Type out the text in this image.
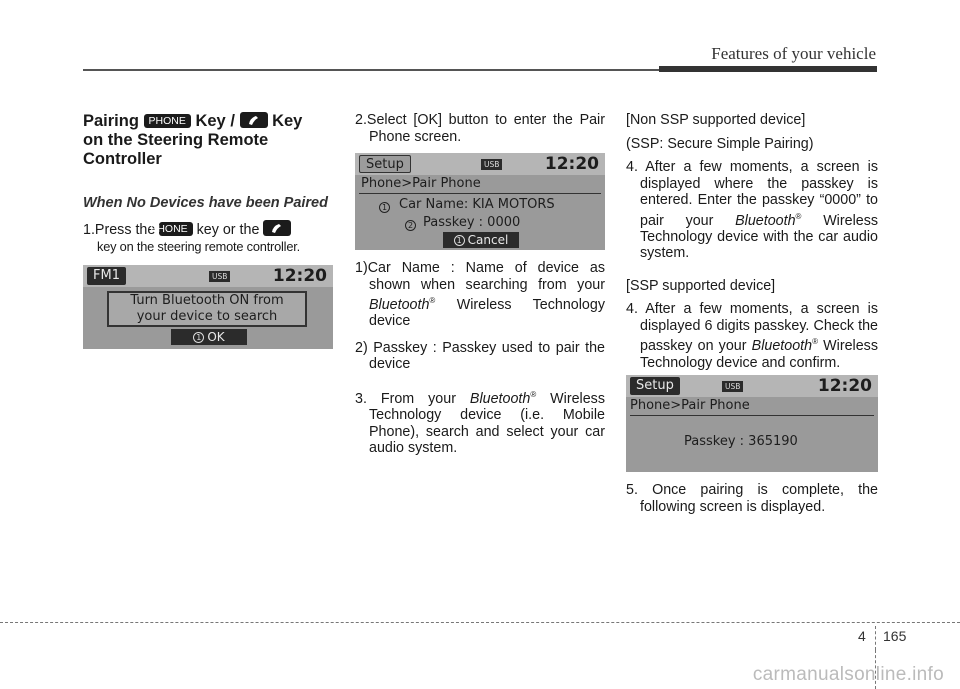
Features of your vehicle
Pairing PHONE Key / Key
on the Steering Remote
Controller
When No Devices have been Paired
1.Press the PHONE key or the

key on the steering remote controller.
FM1	USB	12:20
Turn Bluetooth ON from
your device to search
1 OK
2.Select [OK] button to enter the Pair Phone screen.
Setup	USB	12:20
Phone>Pair Phone
1 Car Name: KIA MOTORS
2 Passkey : 0000
1 Cancel
1)Car Name : Name of device as shown when searching from your Bluetooth® Wireless Technology device
2) Passkey : Passkey used to pair the device
3. From your Bluetooth® Wireless Technology device (i.e. Mobile Phone), search and select your car audio system.
[Non SSP supported device]
(SSP: Secure Simple Pairing)
4. After a few moments, a screen is displayed where the passkey is entered. Enter the passkey “0000” to pair your Bluetooth® Wireless Technology device with the car audio system.
[SSP supported device]
4. After a few moments, a screen is displayed 6 digits passkey. Check the passkey on your Bluetooth® Wireless Technology device and confirm.
Setup	USB	12:20
Phone>Pair Phone
Passkey : 365190
5. Once pairing is complete, the following screen is displayed.
4 165
carmanualsonline.info
